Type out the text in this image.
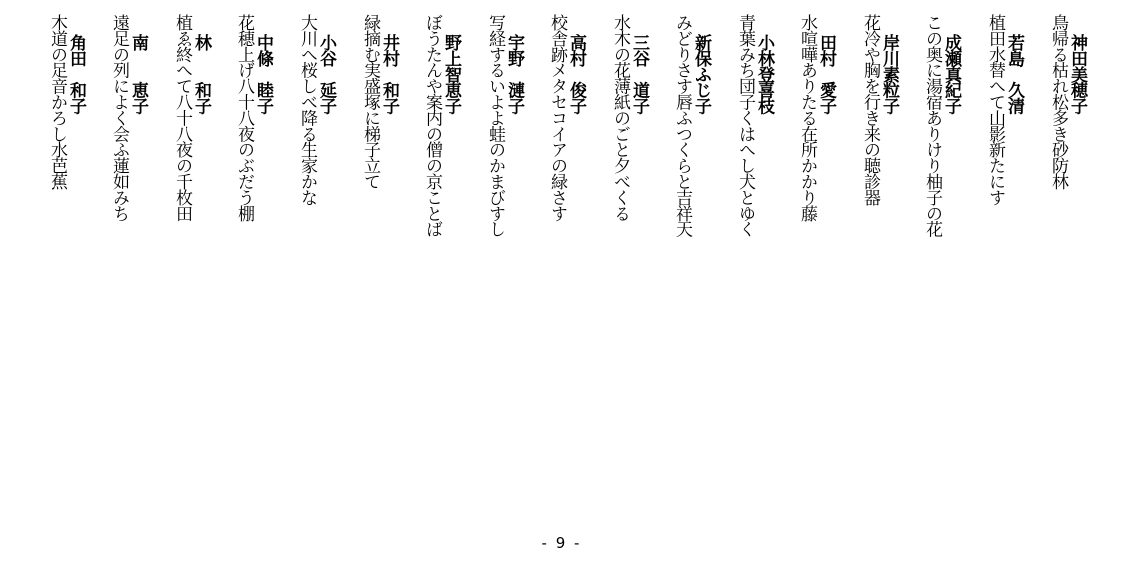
神田美穂子
鳥帰る枯れ松多き砂防林
若島　久清
植田水替へて山影新たにす
成瀬真紀子
この奥に湯宿ありけり柚子の花
岸川素粒子
花冷や胸を行き来の聴診器
田村　愛子
水喧嘩ありたる在所かかり藤
小林登喜枝
青葉みち団子くはへし犬とゆく
新保ふじ子
みどりさす唇ふつくらと吉祥天
三谷　道子
水木の花薄紙のごと夕べくる
高村　俊子
校舎跡メタセコイアの緑さす
宇野　漣子
写経するいよよ蛙のかまびすし
野上智恵子
ぼうたんや案内の僧の京ことば
井村　和子
緑摘む実盛塚に梯子立て
小谷　延子
大川へ桜しべ降る生家かな
中條　睦子
花穂上げ八十八夜のぶだう棚
林　　和子
植ゑ終へて八十八夜の千枚田
南　　恵子
遠足の列によく会ふ蓮如みち
角田　和子
木道の足音かろし水芭蕉
- 9 -
